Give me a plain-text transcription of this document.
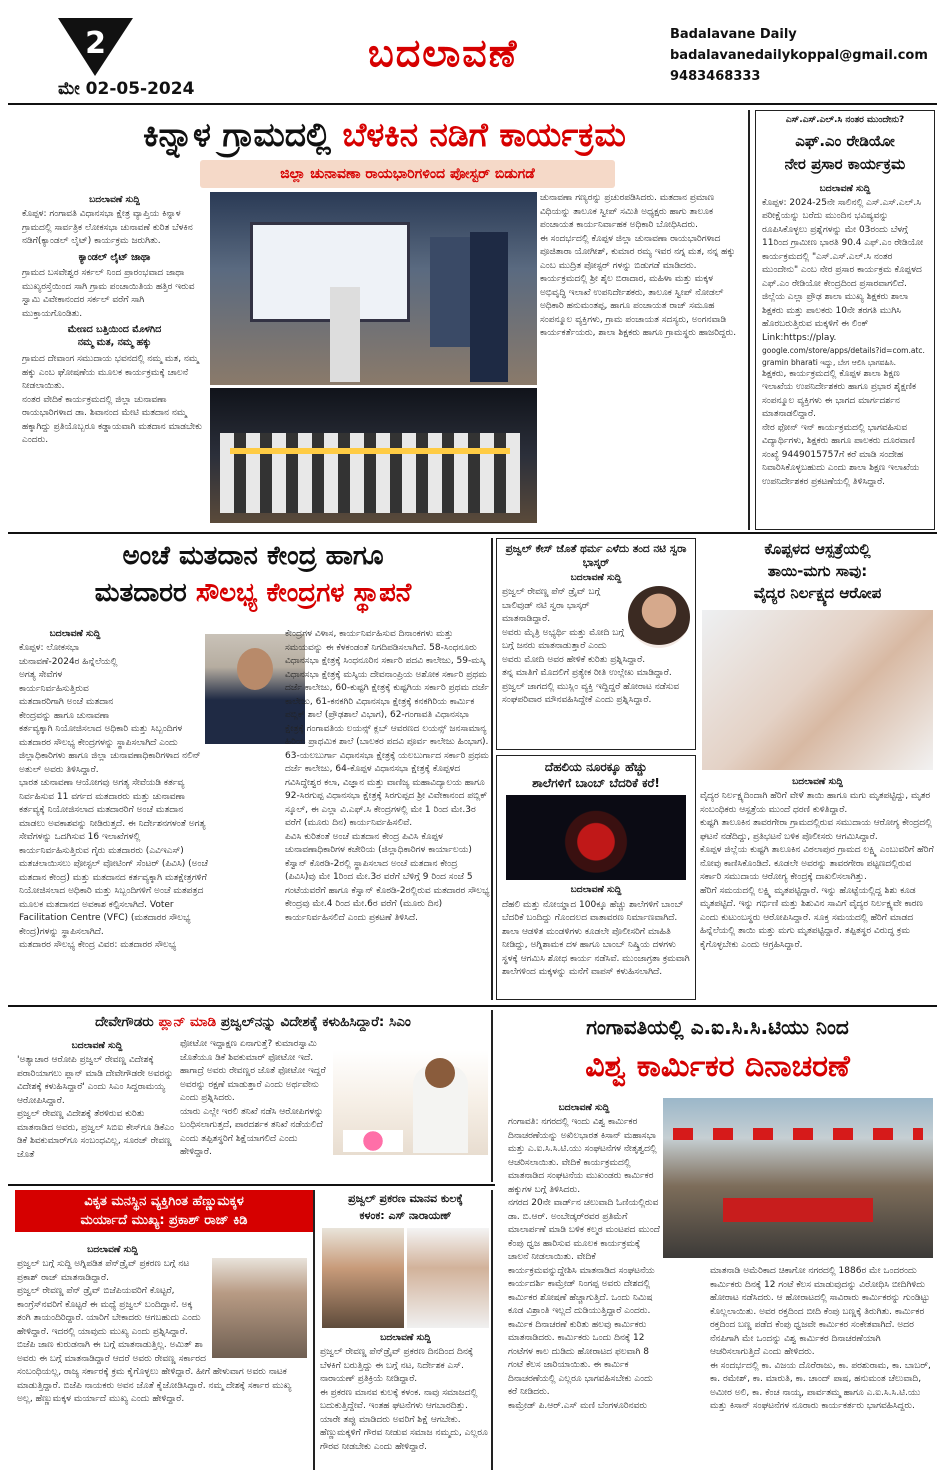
2
ಮೇ 02-05-2024
ಬದಲಾವಣೆ	Badalavane Daily
badalavanedailykoppal@gmail.com
9483468333
ಕಿನ್ನಾಳ ಗ್ರಾಮದಲ್ಲಿ ಬೆಳಕಿನ ನಡಿಗೆ ಕಾರ್ಯಕ್ರಮ
ಜಿಲ್ಲಾ ಚುನಾವಣಾ ರಾಯಭಾರಿಗಳಿಂದ ಪೋಸ್ಟರ್ ಬಿಡುಗಡೆ
ಬದಲಾವಣೆ ಸುದ್ದಿ

ಕೊಪ್ಪಳ: ಗಂಗಾವತಿ ವಿಧಾನಸಭಾ ಕ್ಷೇತ್ರ ವ್ಯಾಪ್ತಿಯ ಕಿನ್ನಾಳ ಗ್ರಾಮದಲ್ಲಿ ಸಾರ್ವತ್ರಿಕ ಲೋಕಸಭಾ ಚುನಾವಣೆ ಕುರಿತ ಬೆಳಕಿನ ನಡಿಗೆ(ಕ್ಯಾಂಡಲ್ ಲೈಟ್) ಕಾರ್ಯಕ್ರಮ ಜರುಗಿತು.

ಕ್ಯಾಂಡಲ್ ಲೈಟ್ ಜಾಥಾ

ಗ್ರಾಮದ ಬಸವೇಶ್ವರ ಸರ್ಕಲ್ ನಿಂದ ಪ್ರಾರಂಭವಾದ ಜಾಥಾ ಮುಖ್ಯರಸ್ತೆಯಿಂದ ಸಾಗಿ ಗ್ರಾಮ ಪಂಚಾಯಿತಿಯ ಹತ್ತಿರ ಇರುವ ಸ್ವಾಮಿ ವಿವೇಕಾನಂದರ ಸರ್ಕಲ್ ವರೆಗೆ ಸಾಗಿ ಮುಕ್ತಾಯಗೊಂಡಿತು.

ಮೇಣದ ಬತ್ತಿಯಿಂದ ಮೊಳಗಿದ
ನಮ್ಮ ಮತ, ನಮ್ಮ ಹಕ್ಕು

ಗ್ರಾಮದ ದೇವಾಂಗ ಸಮುದಾಯ ಭವನದಲ್ಲಿ ನಮ್ಮ ಮತ, ನಮ್ಮ ಹಕ್ಕು ಎಂಬ ಘೋಷಣೆಯ ಮೂಲಕ ಕಾರ್ಯಕ್ರಮಕ್ಕೆ ಚಾಲನೆ ನೀಡಲಾಯಿತು.

ನಂತರ ವೇದಿಕೆ ಕಾರ್ಯಕ್ರಮದಲ್ಲಿ ಜಿಲ್ಲಾ ಚುನಾವಣಾ ರಾಯಭಾರಿಗಳಾದ ಡಾ. ಶಿವಾನಂದ ಮೇಟಿ ಮತದಾನ ನಮ್ಮ ಹಕ್ಕಾಗಿದ್ದು ಪ್ರತಿಯೊಬ್ಬರೂ ಕಡ್ಡಾಯವಾಗಿ ಮತದಾನ ಮಾಡಬೇಕು ಎಂದರು.

ಚುನಾವಣಾ ಗಣ್ಯರನ್ನು ಪ್ರಚುರಪಡಿಸಿದರು. ಮತದಾನ ಪ್ರಮಾಣ ವಿಧಿಯನ್ನು ತಾಲೂಕ ಸ್ವೀಪ್ ಸಮಿತಿ ಅಧ್ಯಕ್ಷರು ಹಾಗು ತಾಲೂಕ ಪಂಚಾಯತ ಕಾರ್ಯನಿರ್ವಾಹಕ ಅಧಿಕಾರಿ ಬೋಧಿಸಿದರು.

ಈ ಸಂದರ್ಭದಲ್ಲಿ ಕೊಪ್ಪಳ ಜಿಲ್ಲಾ ಚುನಾವಣಾ ರಾಯಭಾರಿಗಳಾದ ಪೂಜಿತಾರಾ ಯೋಗೀಶ್, ಕುಮಾರ ರಮ್ಯ ಇವರ ನಗ್ನ ಮತ, ನನ್ನ ಹಕ್ಕು ಎಂಬ ಮುದ್ರಿತ ಪೋಸ್ಟರ್ ಗಳನ್ನು ಬಿಡುಗಡೆ ಮಾಡಿದರು. ಕಾರ್ಯಕ್ರಮದಲ್ಲಿ ಶ್ರೀ ಶೈಲ ಬಿರಾದಾರ, ಮಹಿಳಾ ಮತ್ತು ಮಕ್ಕಳ ಅಭಿವೃದ್ಧಿ ಇಲಾಖೆ ಉಪನಿರ್ದೇಶಕರು, ತಾಲೂಕ ಸ್ವೀಪ್ ನೋಡಲ್ ಅಧಿಕಾರಿ ಹನುಮಂತಪ್ಪ, ಹಾಗೂ ಪಂಚಾಯತ ರಾಜ್ ಸಮೂಹ ಸಂಪನ್ಮೂಲ ವ್ಯಕ್ತಿಗಳು, ಗ್ರಾಮ ಪಂಚಾಯತ ಸದಸ್ಯರು, ಅಂಗನವಾಡಿ ಕಾರ್ಯಕರ್ತೆಯರು, ಶಾಲಾ ಶಿಕ್ಷಕರು ಹಾಗೂ ಗ್ರಾಮಸ್ಥರು ಹಾಜರಿದ್ದರು.

ಎಸ್.ಎಸ್.ಎಲ್.ಸಿ ನಂತರ ಮುಂದೇನು?
ಎಫ್.ಎಂ ರೇಡಿಯೋ
ನೇರ ಪ್ರಸಾರ ಕಾರ್ಯಕ್ರಮ
ಬದಲಾವಣೆ ಸುದ್ದಿ

ಕೊಪ್ಪಳ: 2024-25ನೇ ಸಾಲಿನಲ್ಲಿ ಎಸ್.ಎಸ್.ಎಲ್.ಸಿ ಪರೀಕ್ಷೆಯನ್ನು ಬರೆದು ಮುಂದಿನ ಭವಿಷ್ಯವನ್ನು ರೂಪಿಸಿಕೊಳ್ಳಲು ಪ್ರಶ್ನೆಗಳನ್ನು ಮೇ 03ರಂದು ಬೆಳಗ್ಗೆ 11ರಿಂದ ಗ್ರಾಮೀಣ ಭಾರತಿ 90.4 ಎಫ್.ಎಂ ರೇಡಿಯೋ ಕಾರ್ಯಕ್ರಮದಲ್ಲಿ "ಎಸ್.ಎಸ್.ಎಲ್.ಸಿ ನಂತರ ಮುಂದೇನು" ಎಂಬ ನೇರ ಪ್ರಸಾರ ಕಾರ್ಯಕ್ರಮ ಕೊಪ್ಪಳದ ಎಫ್.ಎಂ ರೇಡಿಯೋ ಕೇಂದ್ರದಿಂದ ಪ್ರಸಾರವಾಗಲಿದೆ.

ಜಿಲ್ಲೆಯ ಎಲ್ಲಾ ಪ್ರೌಢ ಶಾಲಾ ಮುಖ್ಯ ಶಿಕ್ಷಕರು ಶಾಲಾ ಶಿಕ್ಷಕರು ಮತ್ತು ಪಾಲಕರು 10ನೇ ತರಗತಿ ಮುಗಿಸಿ ಹೊರಬರುತ್ತಿರುವ ಮಕ್ಕಳಿಗೆ ಈ ಲಿಂಕ್ Link:https://play.

google.com/store/apps/details?id=com.atc.gramin bharati ಇದ್ದು, ಬೇಗ ಆಲಿಸಿ ಭಾಗವಹಿಸಿ.

ಶಿಕ್ಷಕರು, ಕಾರ್ಯಕ್ರಮದಲ್ಲಿ ಕೊಪ್ಪಳ ಶಾಲಾ ಶಿಕ್ಷಣ ಇಲಾಖೆಯ ಉಪನಿರ್ದೇಶಕರು ಹಾಗೂ ಪ್ರಭಾರ ಶೈಕ್ಷಣಿಕ ಸಂಪನ್ಮೂಲ ವ್ಯಕ್ತಿಗಳು ಈ ಭಾಗದ ಮಾರ್ಗದರ್ಶನ ಮಾತನಾಡಲಿದ್ದಾರೆ.

ನೇರ ಫೋನ್ ಇನ್ ಕಾರ್ಯಕ್ರಮದಲ್ಲಿ ಭಾಗವಹಿಸುವ ವಿದ್ಯಾರ್ಥಿಗಳು, ಶಿಕ್ಷಕರು ಹಾಗೂ ಪಾಲಕರು ದೂರವಾಣಿ ಸಂಖ್ಯೆ 9449015757ಗೆ ಕರೆ ಮಾಡಿ ಸಂದೇಹ ನಿವಾರಿಸಿಕೊಳ್ಳಬಹುದು ಎಂದು ಶಾಲಾ ಶಿಕ್ಷಣ ಇಲಾಖೆಯ ಉಪನಿರ್ದೇಶಕರ ಪ್ರಕಟಣೆಯಲ್ಲಿ ತಿಳಿಸಿದ್ದಾರೆ.

ಅಂಚೆ ಮತದಾನ ಕೇಂದ್ರ ಹಾಗೂ
ಮತದಾರರ ಸೌಲಭ್ಯ ಕೇಂದ್ರಗಳ ಸ್ಥಾಪನೆ
ಬದಲಾವಣೆ ಸುದ್ದಿ

ಕೊಪ್ಪಳ: ಲೋಕಸಭಾ ಚುನಾವಣೆ-2024ರ ಹಿನ್ನೆಲೆಯಲ್ಲಿ ಅಗತ್ಯ ಸೇವೆಗಳ ಕಾರ್ಯನಿರ್ವಹಿಸುತ್ತಿರುವ ಮತದಾರರಿಗಾಗಿ ಅಂಚೆ ಮತದಾನ ಕೇಂದ್ರವನ್ನು ಹಾಗೂ ಚುನಾವಣಾ ಕರ್ತವ್ಯಕ್ಕಾಗಿ ನಿಯೋಜಿಸಲಾದ ಅಧಿಕಾರಿ ಮತ್ತು ಸಿಬ್ಬಂದಿಗಳ ಮತದಾರರ ಸೌಲಭ್ಯ ಕೇಂದ್ರಗಳನ್ನು ಸ್ಥಾಪಿಸಲಾಗಿದೆ ಎಂದು ಜಿಲ್ಲಾಧಿಕಾರಿಗಳು ಹಾಗೂ ಜಿಲ್ಲಾ ಚುನಾವಣಾಧಿಕಾರಿಗಳಾದ ನಲಿನ್ ಅತುಲ್ ಅವರು ತಿಳಿಸಿದ್ದಾರೆ.

ಭಾರತ ಚುನಾವಣಾ ಆಯೋಗವು ಅಗತ್ಯ ಸೇವೆಯಡಿ ಕರ್ತವ್ಯ ನಿರ್ವಹಿಸುವ 11 ವರ್ಗದ ಮತದಾರರು ಮತ್ತು ಚುನಾವಣಾ ಕರ್ತವ್ಯಕ್ಕೆ ನಿಯೋಜಿಸಲಾದ ಮತದಾರರಿಗೆ ಅಂಚೆ ಮತದಾನ ಮಾಡಲು ಅವಕಾಶವನ್ನು ನೀಡಿರುತ್ತದೆ. ಈ ನಿರ್ದೇಶನಗಳಂತೆ ಅಗತ್ಯ ಸೇವೆಗಳನ್ನು ಒದಗಿಸುವ 16 ಇಲಾಖೆಗಳಲ್ಲಿ ಕಾರ್ಯನಿರ್ವಹಿಸುತ್ತಿರುವ ಗೈರು ಮತದಾರರು (ಎವಿಇಎಸ್) ಮತಚಲಾಯಿಸಲು ಪೋಸ್ಟಲ್ ವೋಟಿಂಗ್ ಸೆಂಟರ್ (ಪಿವಿಸಿ) (ಅಂಚೆ ಮತದಾನ ಕೇಂದ್ರ) ಮತ್ತು ಮತದಾನದ ಕರ್ತವ್ಯಕ್ಕಾಗಿ ಮತಕ್ಷೇತ್ರಗಳಿಗೆ ನಿಯೋಜಿಸಲಾದ ಅಧಿಕಾರಿ ಮತ್ತು ಸಿಬ್ಬಂದಿಗಳಿಗೆ ಅಂಚೆ ಮತಪತ್ರದ ಮೂಲಕ ಮತದಾನದ ಅವಕಾಶ ಕಲ್ಪಿಸಲಾಗಿದೆ. Voter Facilitation Centre (VFC) (ಮತದಾರರ ಸೌಲಭ್ಯ ಕೇಂದ್ರ)ಗಳನ್ನು ಸ್ಥಾಪಿಸಲಾಗಿದೆ.

ಮತದಾರರ ಸೌಲಭ್ಯ ಕೇಂದ್ರ ವಿವರ: ಮತದಾರರ ಸೌಲಭ್ಯ

ಕೇಂದ್ರಗಳ ವಿಳಾಸ, ಕಾರ್ಯನಿರ್ವಹಿಸುವ ದಿನಾಂಕಗಳು ಮತ್ತು ಸಮಯವನ್ನು ಈ ಕೆಳಕಂಡಂತೆ ನಿಗದಿಪಡಿಸಲಾಗಿದೆ. 58-ಸಿಂಧನೂರು ವಿಧಾನಸಭಾ ಕ್ಷೇತ್ರಕ್ಕೆ ಸಿಂಧನೂರಿನ ಸರ್ಕಾರಿ ಪದವಿ ಕಾಲೇಜು, 59-ಮಸ್ಕಿ ವಿಧಾನಸಭಾ ಕ್ಷೇತ್ರಕ್ಕೆ ಮಸ್ಕಿಯ ದೇವನಾಂಪ್ರಿಯ ಅಶೋಕ ಸರ್ಕಾರಿ ಪ್ರಥಮ ದರ್ಜೆ ಕಾಲೇಜು, 60-ಕುಷ್ಟಗಿ ಕ್ಷೇತ್ರಕ್ಕೆ ಕುಷ್ಟಗಿಯ ಸರ್ಕಾರಿ ಪ್ರಥಮ ದರ್ಜೆ ಕಾಲೇಜು, 61-ಕನಕಗಿರಿ ವಿಧಾನಸಭಾ ಕ್ಷೇತ್ರಕ್ಕೆ ಕನಕಗಿರಿಯ ಕಾರ್ಮಿಕ ಪಬ್ಲಿಕ್ ಶಾಲೆ (ಪ್ರೌಢಶಾಲೆ ವಿಭಾಗ), 62-ಗಂಗಾವತಿ ವಿಧಾನಸಭಾ ಕ್ಷೇತ್ರಕ್ಕೆ ಗಂಗಾವತಿಯ ಲಯನ್ಸ್ ಕ್ಲಬ್ ಆವರಣದ ಲಯನ್ಸ್ ಜನಸಾಮಾನ್ಯ ಹಿರಿಯ ಪ್ರಾಥಮಿಕ ಶಾಲೆ (ಬಾಲಕರ ಪದವಿ ಪೂರ್ವ ಕಾಲೇಜು ಹಿಂಭಾಗ). 63-ಯಲಬುರ್ಗಾ ವಿಧಾನಸಭಾ ಕ್ಷೇತ್ರಕ್ಕೆ ಯಲಬುರ್ಗಾದ ಸರ್ಕಾರಿ ಪ್ರಥಮ ದರ್ಜೆ ಕಾಲೇಜು, 64-ಕೊಪ್ಪಳ ವಿಧಾನಸಭಾ ಕ್ಷೇತ್ರಕ್ಕೆ ಕೊಪ್ಪಳದ ಗವಿಸಿದ್ಧೇಶ್ವರ ಕಲಾ, ವಿಜ್ಞಾನ ಮತ್ತು ವಾಣಿಜ್ಯ ಮಹಾವಿದ್ಯಾಲಯ ಹಾಗೂ 92-ಸಿರಗುಪ್ಪ ವಿಧಾನಸಭಾ ಕ್ಷೇತ್ರಕ್ಕೆ ಸಿರಗುಪ್ಪದ ಶ್ರೀ ವಿವೇಕಾನಂದ ಪಬ್ಲಿಕ್ ಸ್ಕೂಲ್, ಈ ಎಲ್ಲಾ ವಿ.ಎಫ್.ಸಿ ಕೇಂದ್ರಗಳಲ್ಲಿ ಮೇ 1 ರಿಂದ ಮೇ.3ರ ವರೆಗೆ (ಮೂರು ದಿನ) ಕಾರ್ಯನಿರ್ವಹಿಸಲಿವೆ.

ಪಿವಿಸಿ ಕುರಿತಂತೆ ಅಂಚೆ ಮತದಾನ ಕೇಂದ್ರ ಪಿವಿಸಿ ಕೊಪ್ಪಳ ಚುನಾವಣಾಧಿಕಾರಿಗಳ ಕಚೇರಿಯ (ಜಿಲ್ಲಾಧಿಕಾರಿಗಳ ಕಾರ್ಯಾಲಯ) ಕೆಸ್ವಾನ್ ಕೊಠಡಿ-2ರಲ್ಲಿ ಸ್ಥಾಪಿಸಲಾದ ಅಂಚೆ ಮತದಾನ ಕೇಂದ್ರ (ಪಿವಿಸಿ)ವು ಮೇ 1ರಿಂದ ಮೇ.3ರ ವರೆಗೆ ಬೆಳಿಗ್ಗೆ 9 ರಿಂದ ಸಂಜೆ 5 ಗಂಟೆಯವರೆಗೆ ಹಾಗೂ ಕೆಸ್ವಾನ್ ಕೊಠಡಿ-2ರಲ್ಲಿರುವ ಮತದಾರರ ಸೌಲಭ್ಯ ಕೇಂದ್ರವು ಮೇ.4 ರಿಂದ ಮೇ.6ರ ವರೆಗೆ (ಮೂರು ದಿನ) ಕಾರ್ಯನಿರ್ವಹಿಸಲಿದೆ ಎಂದು ಪ್ರಕಟಣೆ ತಿಳಿಸಿದೆ.

ಪ್ರಜ್ವಲ್ ಕೇಸ್ ಜೊತೆ ಥರ್ಮ ಎಳೆದು ತಂದ ನಟಿ ಸ್ವರಾ ಭಾಸ್ಕರ್
ಬದಲಾವಣೆ ಸುದ್ದಿ

ಪ್ರಜ್ವಲ್ ರೇವಣ್ಣ ಪೆನ್ ಡ್ರೈವ್ ಬಗ್ಗೆ ಬಾಲಿವುಡ್ ನಟಿ ಸ್ವರಾ ಭಾಸ್ಕರ್ ಮಾತನಾಡಿದ್ದಾರೆ.

ಅವರು ಮೈತ್ರಿ ಅಭ್ಯರ್ಥಿ ಮತ್ತು ಮೋದಿ ಬಗ್ಗೆ ಬಗ್ಗೆ ಜನರು ಮಾತನಾಡುತ್ತಾರೆ ಎಂದು ಅವರು ಮೋದಿ ಅವರ ಹೇಳಿಕೆ ಕುರಿತು ಪ್ರಶ್ನಿಸಿದ್ದಾರೆ.

ತನ್ನ ಮಾತಿಗೆ ಮೊದಲಿಗೆ ಪ್ರತ್ಯೇಕ ರೀತಿ ಉಲ್ಲೇಖ ಮಾಡಿದ್ದಾರೆ. ಪ್ರಜ್ವಲ್ ಜಾಗದಲ್ಲಿ ಮುಸ್ಲಿಂ ವ್ಯಕ್ತಿ ಇದ್ದಿದ್ದರೆ ಹೋರಾಟ ನಡೆಸುವ ಸಂಘಪರಿವಾರ ಮೌನವಹಿಸಿದ್ದೇಕೆ ಎಂದು ಪ್ರಶ್ನಿಸಿದ್ದಾರೆ.

ದೆಹಲಿಯ ನೂರಕ್ಕೂ ಹೆಚ್ಚು
ಶಾಲೆಗಳಿಗೆ ಬಾಂಬ್ ಬೆದರಿಕೆ ಕರೆ!
ಬದಲಾವಣೆ ಸುದ್ದಿ

ದೆಹಲಿ ಮತ್ತು ನೋಯ್ಡಾದ 100ಕ್ಕೂ ಹೆಚ್ಚು ಶಾಲೆಗಳಿಗೆ ಬಾಂಬ್ ಬೆದರಿಕೆ ಬಂದಿದ್ದು ಗೊಂದಲದ ವಾತಾವರಣ ನಿರ್ಮಾಣವಾಗಿದೆ.

ಶಾಲಾ ಆಡಳಿತ ಮಂಡಳಿಗಳು ಕೂಡಲೇ ಪೊಲೀಸರಿಗೆ ಮಾಹಿತಿ ನೀಡಿದ್ದು, ಅಗ್ನಿಶಾಮಕ ದಳ ಹಾಗೂ ಬಾಂಬ್ ನಿಷ್ಕ್ರಿಯ ದಳಗಳು ಸ್ಥಳಕ್ಕೆ ಆಗಮಿಸಿ ಶೋಧ ಕಾರ್ಯ ನಡೆಸಿವೆ. ಮುಂಜಾಗ್ರತಾ ಕ್ರಮವಾಗಿ ಶಾಲೆಗಳಿಂದ ಮಕ್ಕಳನ್ನು ಮನೆಗೆ ವಾಪಸ್ ಕಳುಹಿಸಲಾಗಿದೆ.

ಕೊಪ್ಪಳದ ಆಸ್ಪತ್ರೆಯಲ್ಲಿ
ತಾಯಿ-ಮಗು ಸಾವು:
ವೈದ್ಯರ ನಿರ್ಲಕ್ಷ್ಯದ ಆರೋಪ
ಬದಲಾವಣೆ ಸುದ್ದಿ

ವೈದ್ಯರ ನಿರ್ಲಕ್ಷ್ಯದಿಂದಾಗಿ ಹೆರಿಗೆ ವೇಳೆ ತಾಯಿ ಹಾಗೂ ಮಗು ಮೃತಪಟ್ಟಿದ್ದು, ಮೃತರ ಸಂಬಂಧಿಕರು ಆಸ್ಪತ್ರೆಯ ಮುಂದೆ ಧರಣಿ ಕುಳಿತಿದ್ದಾರೆ.

ಕುಷ್ಟಗಿ ತಾಲೂಕಿನ ತಾವರಗೇರಾ ಗ್ರಾಮದಲ್ಲಿರುವ ಸಮುದಾಯ ಆರೋಗ್ಯ ಕೇಂದ್ರದಲ್ಲಿ ಘಟನೆ ನಡೆದಿದ್ದು, ಪ್ರತಿಭಟನೆ ಬಳಿಕ ಪೊಲೀಸರು ಆಗಮಿಸಿದ್ದಾರೆ.

ಕೊಪ್ಪಳ ಜಿಲ್ಲೆಯ ಕುಷ್ಟಗಿ ತಾಲೂಕಿನ ವಿಠಲಾಪುರ ಗ್ರಾಮದ ಲಕ್ಷ್ಮಿ ಎಂಬುವರಿಗೆ ಹೆರಿಗೆ ನೋವು ಕಾಣಿಸಿಕೊಂಡಿದೆ. ಕೂಡಲೇ ಅವರನ್ನು ತಾವರಗೇರಾ ಪಟ್ಟಣದಲ್ಲಿರುವ ಸರ್ಕಾರಿ ಸಮುದಾಯ ಆರೋಗ್ಯ ಕೇಂದ್ರಕ್ಕೆ ದಾಖಲಿಸಲಾಗಿತ್ತು.

ಹೆರಿಗೆ ಸಮಯದಲ್ಲಿ ಲಕ್ಷ್ಮಿ ಮೃತಪಟ್ಟಿದ್ದಾರೆ. ಇನ್ನು ಹೊಟ್ಟೆಯಲ್ಲಿದ್ದ ಶಿಶು ಕೂಡ ಮೃತಪಟ್ಟಿದೆ. ಇನ್ನು ಗರ್ಭಿಣಿ ಮತ್ತು ಶಿಶುವಿನ ಸಾವಿಗೆ ವೈದ್ಯರ ನಿರ್ಲಕ್ಷ್ಯವೇ ಕಾರಣ ಎಂದು ಕುಟುಂಬಸ್ಥರು ಆರೋಪಿಸಿದ್ದಾರೆ. ಸೂಕ್ತ ಸಮಯದಲ್ಲಿ ಹೆರಿಗೆ ಮಾಡದ ಹಿನ್ನೆಲೆಯಲ್ಲಿ ತಾಯಿ ಮತ್ತು ಮಗು ಮೃತಪಟ್ಟಿದ್ದಾರೆ. ತಪ್ಪಿತಸ್ಥರ ವಿರುದ್ಧ ಕ್ರಮ ಕೈಗೊಳ್ಳಬೇಕು ಎಂದು ಆಗ್ರಹಿಸಿದ್ದಾರೆ.

ದೇವೇಗೌಡರು ಪ್ಲಾನ್ ಮಾಡಿ ಪ್ರಜ್ವಲ್‌ನನ್ನು ವಿದೇಶಕ್ಕೆ ಕಳುಹಿಸಿದ್ದಾರೆ: ಸಿಎಂ
ಬದಲಾವಣೆ ಸುದ್ದಿ

'ಅತ್ಯಾಚಾರ ಆರೋಪಿ ಪ್ರಜ್ವಲ್ ರೇವಣ್ಣ ವಿದೇಶಕ್ಕೆ ಪರಾರಿಯಾಗಲು ಪ್ಲಾನ್ ಮಾಡಿ ದೇವೇಗೌಡರೇ ಅವರನ್ನು ವಿದೇಶಕ್ಕೆ ಕಳುಹಿಸಿದ್ದಾರೆ' ಎಂದು ಸಿಎಂ ಸಿದ್ದರಾಮಯ್ಯ ಆರೋಪಿಸಿದ್ದಾರೆ.

ಪ್ರಜ್ವಲ್ ರೇವಣ್ಣ ವಿದೇಶಕ್ಕೆ ತೆರಳಿರುವ ಕುರಿತು ಮಾತನಾಡಿದ ಅವರು, ಪ್ರಜ್ವಲ್ ಸಿಬಿಐ ಕೇಸ್‌ಗೂ ಡಿಕೆಎಂ ಡಿಕೆ ಶಿವಕುಮಾರ್‌ಗೂ ಸಂಬಂಧವಿಲ್ಲ, ಸೂರಜ್ ರೇವಣ್ಣ ಜೊತೆ

ಫೋಟೋ ಇದ್ದಾಕ್ಷಣ ಏನಾಗುತ್ತೆ? ಕುಮಾರಸ್ವಾಮಿ ಜೊತೆಯೂ ಡಿಕೆ ಶಿವಕುಮಾರ್ ಫೋಟೋ ಇದೆ. ಹಾಗಾದ್ರೆ ಅವರು ರೇವಣ್ಣರ ಜೊತೆ ಫೋಟೋ ಇದ್ದರೆ ಅವರನ್ನು ರಕ್ಷಣೆ ಮಾಡುತ್ತಾರೆ ಎಂದು ಅರ್ಥವೇನು ಎಂದು ಪ್ರಶ್ನಿಸಿದರು.

ಯಾರು ಎಲ್ಲೇ ಇರಲಿ ತನಿಖೆ ನಡೆಸಿ ಆರೋಪಿಗಳನ್ನು ಬಂಧಿಸಲಾಗುತ್ತದೆ, ಪಾರದರ್ಶಕ ತನಿಖೆ ನಡೆಯಲಿದೆ ಎಂದು ತಪ್ಪಿತಸ್ಥರಿಗೆ ಶಿಕ್ಷೆಯಾಗಲಿದೆ ಎಂದು ಹೇಳಿದ್ದಾರೆ.

ಗಂಗಾವತಿಯಲ್ಲಿ ಎ.ಐ.ಸಿ.ಸಿ.ಟಿಯು ನಿಂದ
ವಿಶ್ವ ಕಾರ್ಮಿಕರ ದಿನಾಚರಣೆ
ಬದಲಾವಣೆ ಸುದ್ದಿ

ಗಂಗಾವತಿ: ನಗರದಲ್ಲಿ ಇಂದು ವಿಶ್ವ ಕಾರ್ಮಿಕರ ದಿನಾಚರಣೆಯನ್ನು ಅಖಿಲಭಾರತ ಕಿಸಾನ್ ಮಹಾಸಭಾ ಮತ್ತು ಎ.ಐ.ಸಿ.ಸಿ.ಟಿ.ಯು ಸಂಘಟನೆಗಳ ನೇತೃತ್ವದಲ್ಲಿ ಆಚರಿಸಲಾಯಿತು. ವೇದಿಕೆ ಕಾರ್ಯಕ್ರಮದಲ್ಲಿ ಮಾತನಾಡಿದ ಸಂಘಟನೆಯ ಮುಖಂಡರು ಕಾರ್ಮಿಕರ ಹಕ್ಕುಗಳ ಬಗ್ಗೆ ತಿಳಿಸಿದರು.

ನಗರದ 20ನೇ ವಾರ್ಡ್‌ನ ಚಲುವಾದಿ ಓಣಿಯಲ್ಲಿರುವ ಡಾ. ಬಿ.ಆರ್. ಅಂಬೇಡ್ಕರ್‌ರವರ ಪ್ರತಿಮೆಗೆ ಮಾಲಾರ್ಪಣೆ ಮಾಡಿ ಬಳಿಕ ಕಲ್ಮಠ ಮಂಟಪದ ಮುಂದೆ ಕೆಂಪು ಧ್ವಜ ಹಾರಿಸುವ ಮೂಲಕ ಕಾರ್ಯಕ್ರಮಕ್ಕೆ ಚಾಲನೆ ನೀಡಲಾಯಿತು. ವೇದಿಕೆ ಕಾರ್ಯಕ್ರಮವನ್ನುದ್ದೇಶಿಸಿ ಮಾತನಾಡಿದ ಸಂಘಟನೆಯ ಕಾರ್ಯದರ್ಶಿ ಕಾಮ್ರೇಡ್ ನಿಂಗಪ್ಪ ಅವರು ದೇಶದಲ್ಲಿ ಕಾರ್ಮಿಕರ ಶೋಷಣೆ ಹೆಚ್ಚಾಗುತ್ತಿದೆ. ಒಂದು ನಿಮಿಷ ಕೂಡ ವಿಶ್ರಾಂತಿ ಇಲ್ಲದೆ ದುಡಿಯುತ್ತಿದ್ದಾರೆ ಎಂದರು.

ಕಾರ್ಮಿಕ ದಿನಾಚರಣೆ ಕುರಿತು ಹಲವು ಕಾರ್ಮಿಕರು ಮಾತನಾಡಿದರು. ಕಾರ್ಮಿಕರು ಒಂದು ದಿನಕ್ಕೆ 12 ಗಂಟೆಗಳ ಕಾಲ ದುಡಿದು ಹೋರಾಟದ ಫಲವಾಗಿ 8 ಗಂಟೆ ಕೆಲಸ ಜಾರಿಯಾಯಿತು. ಈ ಕಾರ್ಮಿಕ ದಿನಾಚರಣೆಯಲ್ಲಿ ಎಲ್ಲರೂ ಭಾಗವಹಿಸಬೇಕು ಎಂದು ಕರೆ ನೀಡಿದರು.

ಕಾಮ್ರೇಡ್ ಪಿ.ಆರ್.ಎಸ್ ಮಣಿ ಬೆಂಗಳೂರಿನವರು

ಮಾತನಾಡಿ ಅಮೆರಿಕಾದ ಚಿಕಾಗೋ ನಗರದಲ್ಲಿ 1886ರ ಮೇ ಒಂದರಂದು ಕಾರ್ಮಿಕರು ದಿನಕ್ಕೆ 12 ಗಂಟೆ ಕೆಲಸ ಮಾಡುವುದನ್ನು ವಿರೋಧಿಸಿ ಬೀದಿಗಿಳಿದು ಹೋರಾಟ ನಡೆಸಿದರು. ಆ ಹೋರಾಟದಲ್ಲಿ ಸಾವಿರಾರು ಕಾರ್ಮಿಕರನ್ನು ಗುಂಡಿಟ್ಟು ಕೊಲ್ಲಲಾಯಿತು. ಅವರ ರಕ್ತದಿಂದ ಬೀದಿ ಕೆಂಪು ಬಣ್ಣಕ್ಕೆ ತಿರುಗಿತು. ಕಾರ್ಮಿಕರ ರಕ್ತದಿಂದ ಬಣ್ಣ ಪಡೆದ ಕೆಂಪು ಧ್ವಜವೇ ಕಾರ್ಮಿಕರ ಸಂಕೇತವಾಗಿದೆ. ಅದರ ನೆನಪಿಗಾಗಿ ಮೇ ಒಂದನ್ನು ವಿಶ್ವ ಕಾರ್ಮಿಕರ ದಿನಾಚರಣೆಯಾಗಿ ಆಚರಿಸಲಾಗುತ್ತಿದೆ ಎಂದು ಹೇಳಿದರು.

ಈ ಸಂದರ್ಭದಲ್ಲಿ ಕಾ. ವಿಜಯ ದೊರೆರಾಜು, ಕಾ. ಪರಶುರಾಮ, ಕಾ. ಬಾಬರ್, ಕಾ. ರಮೇಶ್, ಕಾ. ಮಾರುತಿ, ಕಾ. ಚಾಂದ್ ಪಾಷ, ಹನುಮಂತ ಚೆಲುವಾದಿ, ಅಮೀರ ಅಲಿ, ಕಾ. ಕೆಂಚ ನಾಯ್ಕ, ಪಾರ್ವತಮ್ಮ ಹಾಗೂ ಎ.ಐ.ಸಿ.ಸಿ.ಟಿ.ಯು ಮತ್ತು ಕಿಸಾನ್ ಸಂಘಟನೆಗಳ ನೂರಾರು ಕಾರ್ಯಕರ್ತರು ಭಾಗವಹಿಸಿದ್ದರು.

ವಿಕೃತ ಮನಸ್ಥಿನ ವ್ಯಕ್ತಿಗಿಂತ ಹೆಣ್ಣುಮಕ್ಕಳ
ಮರ್ಯಾದೆ ಮುಖ್ಯ: ಪ್ರಕಾಶ್ ರಾಜ್ ಕಿಡಿ
ಬದಲಾವಣೆ ಸುದ್ದಿ

ಪ್ರಜ್ವಲ್ ಬಗ್ಗೆ ಸುದ್ದಿ ಅಗ್ನಿಪಡಿತ ಪೆನ್‌ಡ್ರೈವ್ ಪ್ರಕರಣ ಬಗ್ಗೆ ನಟ ಪ್ರಕಾಶ್ ರಾಜ್ ಮಾತನಾಡಿದ್ದಾರೆ.

ಪ್ರಜ್ವಲ್ ರೇವಣ್ಣ ಪೆನ್ ಡ್ರೈವ್ ಬಿಜೆಪಿಯವರಿಗೆ ಕೊಟ್ಟರೆ, ಕಾಂಗ್ರೆಸ್‌ನವರಿಗೆ ಕೊಟ್ಟರೆ ಈ ಮಧ್ಯೆ ಪ್ರಜ್ವಲ್ ಬಂದಿದ್ದಾನೆ. ಅಕ್ಕ ತಂಗಿ ತಾಯಂದಿರಿದ್ದಾರೆ. ಯಾರಿಗೆ ಬೇಕಾದರು ಆಗಬಹುದು ಎಂದು ಹೇಳಿದ್ದಾರೆ. ಇದರಲ್ಲಿ ಯಾವುದು ಮುಖ್ಯ ಎಂದು ಪ್ರಶ್ನಿಸಿದ್ದಾರೆ.

ಬಿಜೆಪಿ ಜಾಣ ಕುರುಡನಾಗಿ ಈ ಬಗ್ಗೆ ಮಾತನಾಡುತ್ತಿಲ್ಲ. ಅಮಿತ್ ಶಾ ಅವರು ಈ ಬಗ್ಗೆ ಮಾತನಾಡಿದ್ದಾರೆ ಆದರೆ ಅವರು ರೇವಣ್ಣ ಸರ್ಕಾರದ ಸಂಬಂಧಿಯಲ್ಲ, ರಾಜ್ಯ ಸರ್ಕಾರಕ್ಕೆ ಕ್ರಮ ಕೈಗೊಳ್ಳಲು ಹೇಳಿದ್ದಾರೆ. ಹೀಗೆ ಹೇಳುವಾಗ ಅವರು ನಾಟಕ ಮಾಡುತ್ತಿದ್ದಾರೆ. ಬಿಜೆಪಿ ನಾಯಕರು ಅವನ ಜೊತೆ ಕೈಜೋಡಿಸಿದ್ದಾರೆ. ನಮ್ಮ ದೇಶಕ್ಕೆ ಸರ್ಕಾರ ಮುಖ್ಯ ಅಲ್ಲ, ಹೆಣ್ಣುಮಕ್ಕಳ ಮರ್ಯಾದೆ ಮುಖ್ಯ ಎಂದು ಹೇಳಿದ್ದಾರೆ.

ಪ್ರಜ್ವಲ್ ಪ್ರಕರಣ ಮಾನವ ಕುಲಕ್ಕೆ
ಕಳಂಕ: ಎಸ್ ನಾರಾಯಣ್
ಬದಲಾವಣೆ ಸುದ್ದಿ

ಪ್ರಜ್ವಲ್ ರೇವಣ್ಣ ಪೆನ್‌ಡ್ರೈವ್ ಪ್ರಕರಣ ದಿನದಿಂದ ದಿನಕ್ಕೆ ಬೆಳಕಿಗೆ ಬರುತ್ತಿದ್ದು ಈ ಬಗ್ಗೆ ನಟ, ನಿರ್ದೇಶಕ ಎಸ್. ನಾರಾಯಣ್ ಪ್ರತಿಕ್ರಿಯೆ ನೀಡಿದ್ದಾರೆ.

ಈ ಪ್ರಕರಣ ಮಾನವ ಕುಲಕ್ಕೆ ಕಳಂಕ. ನಾವು ಸಮಾಜದಲ್ಲಿ ಬದುಕುತ್ತಿದ್ದೇವೆ. ಇಂತಹ ಘಟನೆಗಳು ಆಗಬಾರದಿತ್ತು. ಯಾರೇ ತಪ್ಪು ಮಾಡಿದರು ಅವರಿಗೆ ಶಿಕ್ಷೆ ಆಗಬೇಕು. ಹೆಣ್ಣುಮಕ್ಕಳಿಗೆ ಗೌರವ ನೀಡುವ ಸಮಾಜ ನಮ್ಮದು, ಎಲ್ಲರೂ ಗೌರವ ನೀಡಬೇಕು ಎಂದು ಹೇಳಿದ್ದಾರೆ.
